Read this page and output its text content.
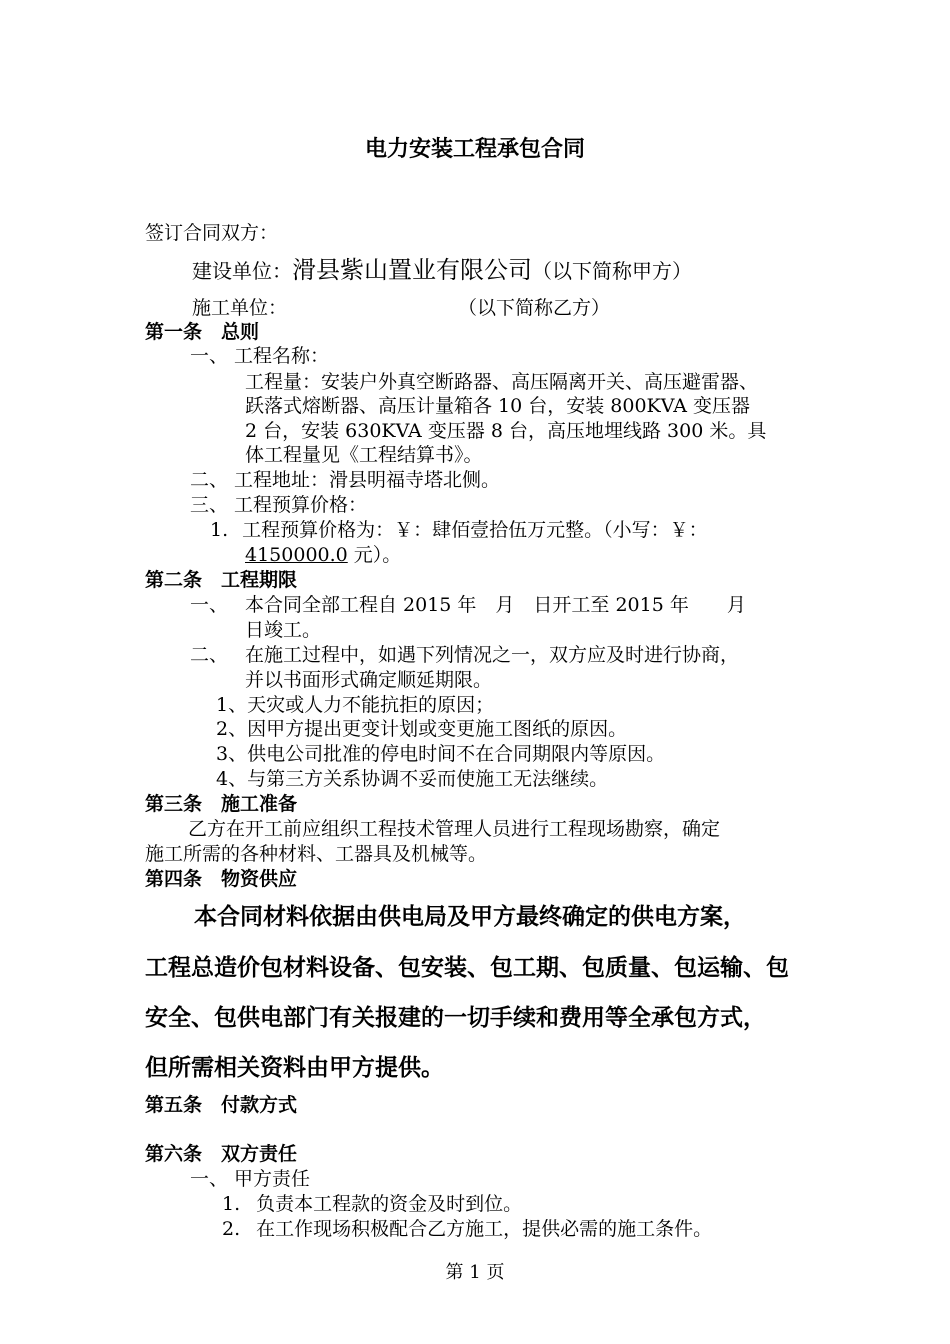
电力安装工程承包合同
签订合同双方：
建设单位：滑县紫山置业有限公司（以下简称甲方）
施工单位：	（以下简称乙方）
第一条　总则
一、 工程名称：
工程量：安装户外真空断路器、高压隔离开关、高压避雷器、
跃落式熔断器、高压计量箱各 10 台，安装 800KVA 变压器
2 台，安装 630KVA 变压器 8 台，高压地埋线路 300 米。具
体工程量见《工程结算书》。
二、 工程地址：滑县明福寺塔北侧。
三、 工程预算价格：
1. 工程预算价格为：￥：肆佰壹拾伍万元整。（小写：￥：
4150000.0 元）。
第二条　工程期限
一、 本合同全部工程自 2015 年　月　日开工至 2015 年　　月
日竣工。
二、 在施工过程中，如遇下列情况之一，双方应及时进行协商，
并以书面形式确定顺延期限。
1、天灾或人力不能抗拒的原因；
2、因甲方提出更变计划或变更施工图纸的原因。
3、供电公司批准的停电时间不在合同期限内等原因。
4、与第三方关系协调不妥而使施工无法继续。
第三条　施工准备
乙方在开工前应组织工程技术管理人员进行工程现场勘察，确定
施工所需的各种材料、工器具及机械等。
第四条　物资供应
本合同材料依据由供电局及甲方最终确定的供电方案，
工程总造价包材料设备、包安装、包工期、包质量、包运输、包
安全、包供电部门有关报建的一切手续和费用等全承包方式，
但所需相关资料由甲方提供。
第五条　付款方式
第六条　双方责任
一、 甲方责任
1. 负责本工程款的资金及时到位。
2. 在工作现场积极配合乙方施工，提供必需的施工条件。
第 1 页
